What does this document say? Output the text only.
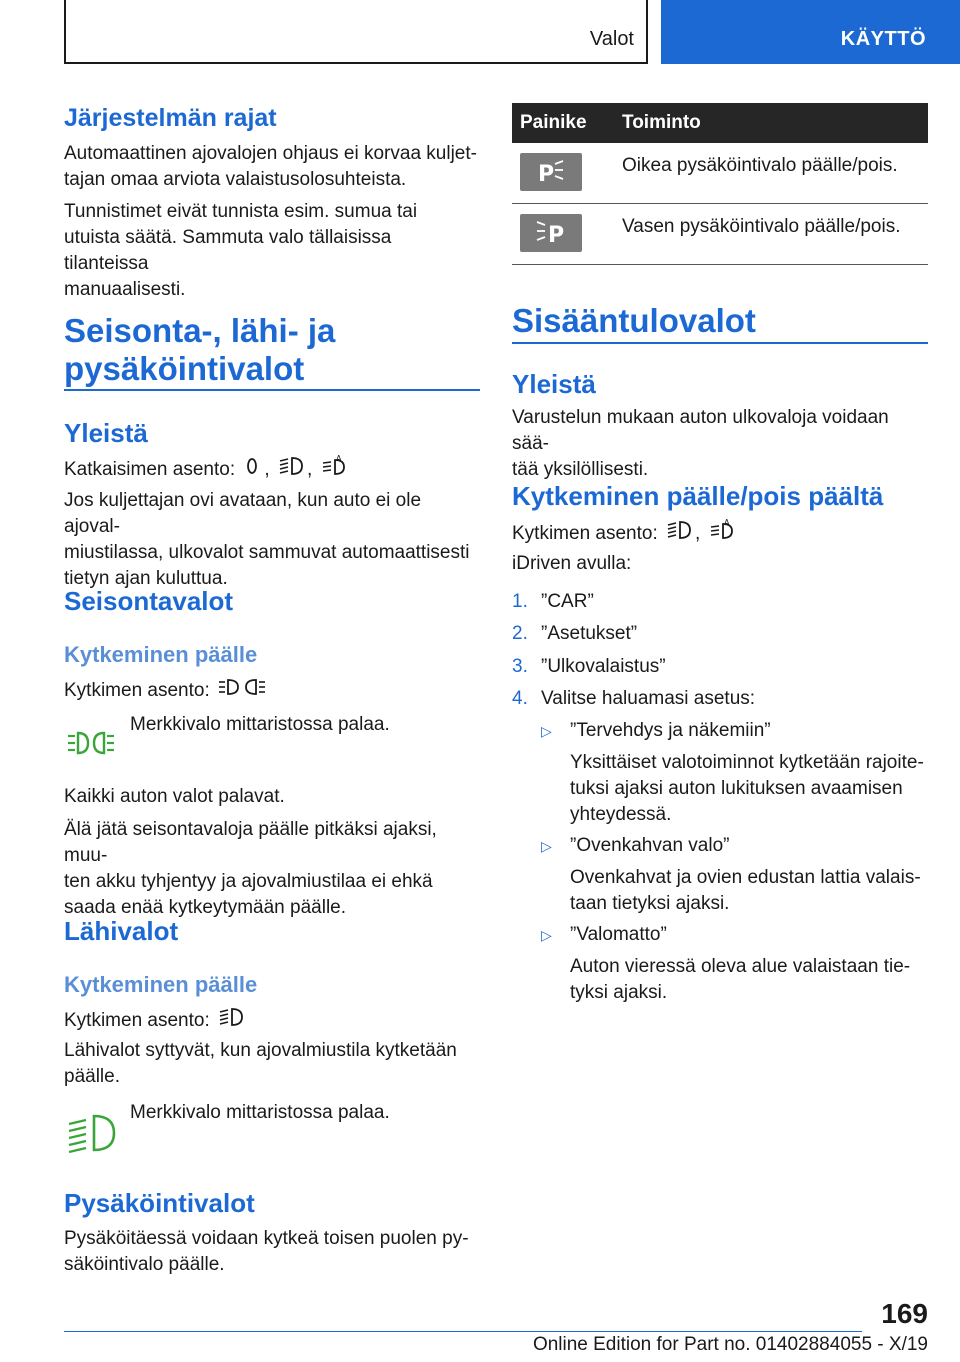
Valot	KÄYTTÖ
Järjestelmän rajat
Automaattinen ajovalojen ohjaus ei korvaa kuljet-
tajan omaa arviota valaistusolosuhteista.
Tunnistimet eivät tunnista esim. sumua tai
utuista säätä. Sammuta valo tällaisissa tilanteissa
manuaalisesti.
Seisonta-, lähi- ja
pysäköintivalot
Yleistä
Katkaisimen asento: , ,
A
Jos kuljettajan ovi avataan, kun auto ei ole ajoval-
miustilassa, ulkovalot sammuvat automaattisesti
tietyn ajan kuluttua.
Seisontavalot
Kytkeminen päälle
Kytkimen asento:
Merkkivalo mittaristossa palaa.
Kaikki auton valot palavat.
Älä jätä seisontavaloja päälle pitkäksi ajaksi, muu-
ten akku tyhjentyy ja ajovalmiustilaa ei ehkä
saada enää kytkeytymään päälle.
Lähivalot
Kytkeminen päälle
Kytkimen asento:
Lähivalot syttyvät, kun ajovalmiustila kytketään
päälle.
Merkkivalo mittaristossa palaa.
Pysäköintivalot
Pysäköitäessä voidaan kytkeä toisen puolen py-
säköintivalo päälle.
Painike	Toiminto

P	Oikea pysäköintivalo päälle/pois.

P	Vasen pysäköintivalo päälle/pois.
Sisääntulovalot
Yleistä
Varustelun mukaan auton ulkovaloja voidaan sää-
tää yksilöllisesti.
Kytkeminen päälle/pois päältä
Kytkimen asento: ,
A
iDriven avulla:
1. ”CAR”
2. ”Asetukset”
3. ”Ulkovalaistus”
4. Valitse haluamasi asetus:
▷ ”Tervehdys ja näkemiin”
Yksittäiset valotoiminnot kytketään rajoite-
tuksi ajaksi auton lukituksen avaamisen
yhteydessä.
▷ ”Ovenkahvan valo”
Ovenkahvat ja ovien edustan lattia valais-
taan tietyksi ajaksi.
▷ ”Valomatto”
Auton vieressä oleva alue valaistaan tie-
tyksi ajaksi.
169
Online Edition for Part no. 01402884055 - X/19
